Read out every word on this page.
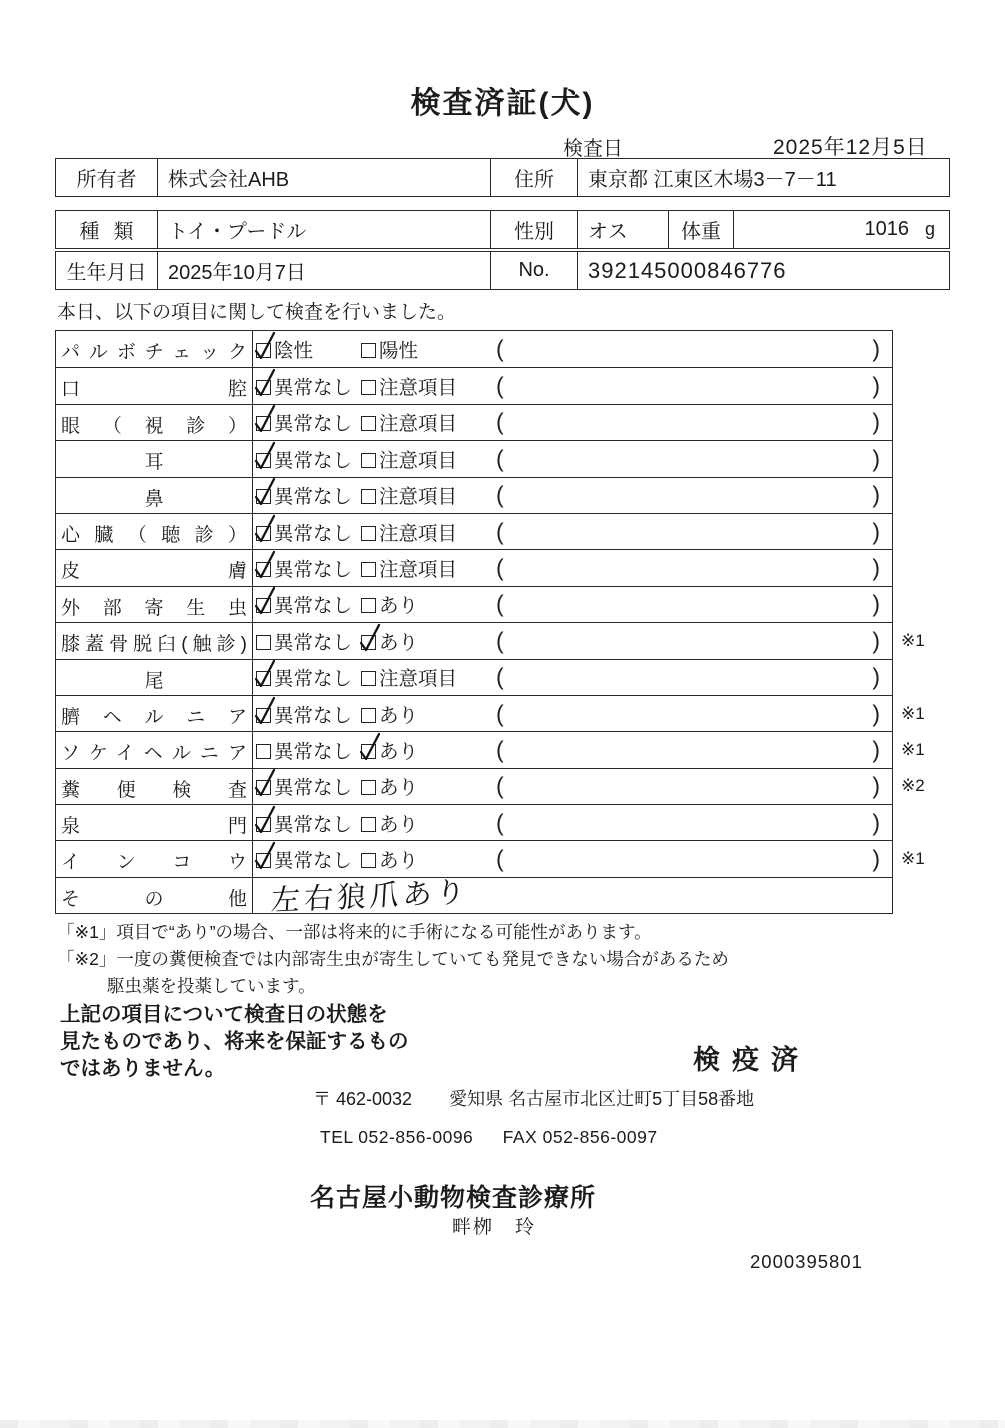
検査済証(犬)
検査日	2025年12月5日
所有者	株式会社AHB	住所	東京都 江東区木場3－7－11
種類	トイ・プードル	性別	オス	体重	1016 g
生年月日	2025年10月7日	No.	392145000846776
本日、以下の項目に関して検査を行いました。
パルボチェック	陰性	陽性	(	)
口腔	異常なし	注意項目 (	)
眼（視診）	異常なし	注意項目 (	)
耳	異常なし	注意項目 (	)
鼻	異常なし	注意項目 (	)
心臓（聴診）	異常なし	注意項目 (	)
皮膚	異常なし	注意項目 (	)
外部寄生虫	異常なし	あり	(	)
膝蓋骨脱臼(触診)	異常なし	あり	(	)	※1
尾	異常なし	注意項目 (	)
臍ヘルニア	異常なし	あり	(	)	※1
ソケイヘルニア	異常なし	あり	(	)	※1
糞便検査	異常なし	あり	(	)	※2
泉門	異常なし	あり	(	)
インコウ	異常なし	あり	(	)	※1
その他 左右狼爪あり
「※1」項目で“あり”の場合、一部は将来的に手術になる可能性があります。
「※2」一度の糞便検査では内部寄生虫が寄生していても発見できない場合があるため
駆虫薬を投薬しています。
上記の項目について検査日の状態を
見たものであり、将来を保証するもの
ではありません。	検疫済
〒 462-0032 愛知県 名古屋市北区辻町5丁目58番地
TEL 052-856-0096 FAX 052-856-0097
名古屋小動物検査診療所
畔栁　玲
2000395801
